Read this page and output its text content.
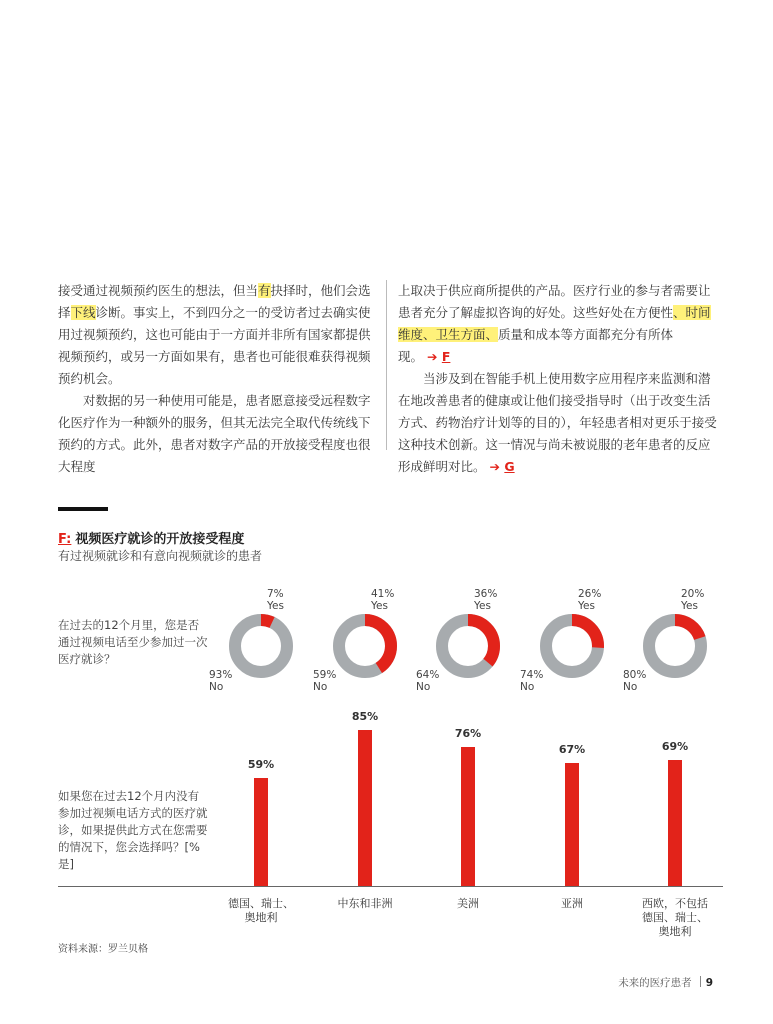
接受通过视频预约医生的想法，但当有抉择时，他们会选择下线诊断。事实上，不到四分之一的受访者过去确实使用过视频预约，这也可能由于一方面并非所有国家都提供视频预约，或另一方面如果有，患者也可能很难获得视频预约机会。

对数据的另一种使用可能是，患者愿意接受远程数字化医疗作为一种额外的服务，但其无法完全取代传统线下预约的方式。此外，患者对数字产品的开放接受程度也很大程度

上取决于供应商所提供的产品。医疗行业的参与者需要让患者充分了解虚拟咨询的好处。这些好处在方便性、时间维度、卫生方面、质量和成本等方面都充分有所体现。 ➔ F

当涉及到在智能手机上使用数字应用程序来监测和潜在地改善患者的健康或让他们接受指导时（出于改变生活方式、药物治疗计划等的目的），年轻患者相对更乐于接受这种技术创新。这一情况与尚未被说服的老年患者的反应形成鲜明对比。 ➔ G

F: 视频医疗就诊的开放接受程度
有过视频就诊和有意向视频就诊的患者
在过去的12个月里，您是否通过视频电话至少参加过一次医疗就诊？
如果您在过去12个月内没有参加过视频电话方式的医疗就诊，如果提供此方式在您需要的情况下，您会选择吗？[% 是]
7%
Yes
93%
No
41%
Yes
59%
No
36%
Yes
64%
No
26%
Yes
74%
No
20%
Yes
80%
No
59%
德国、瑞士、
奥地利
85%
中东和非洲
76%
美洲
67%
亚洲
69%
西欧，不包括
德国、瑞士、
奥地利
资料来源：罗兰贝格
未来的医疗患者 9
